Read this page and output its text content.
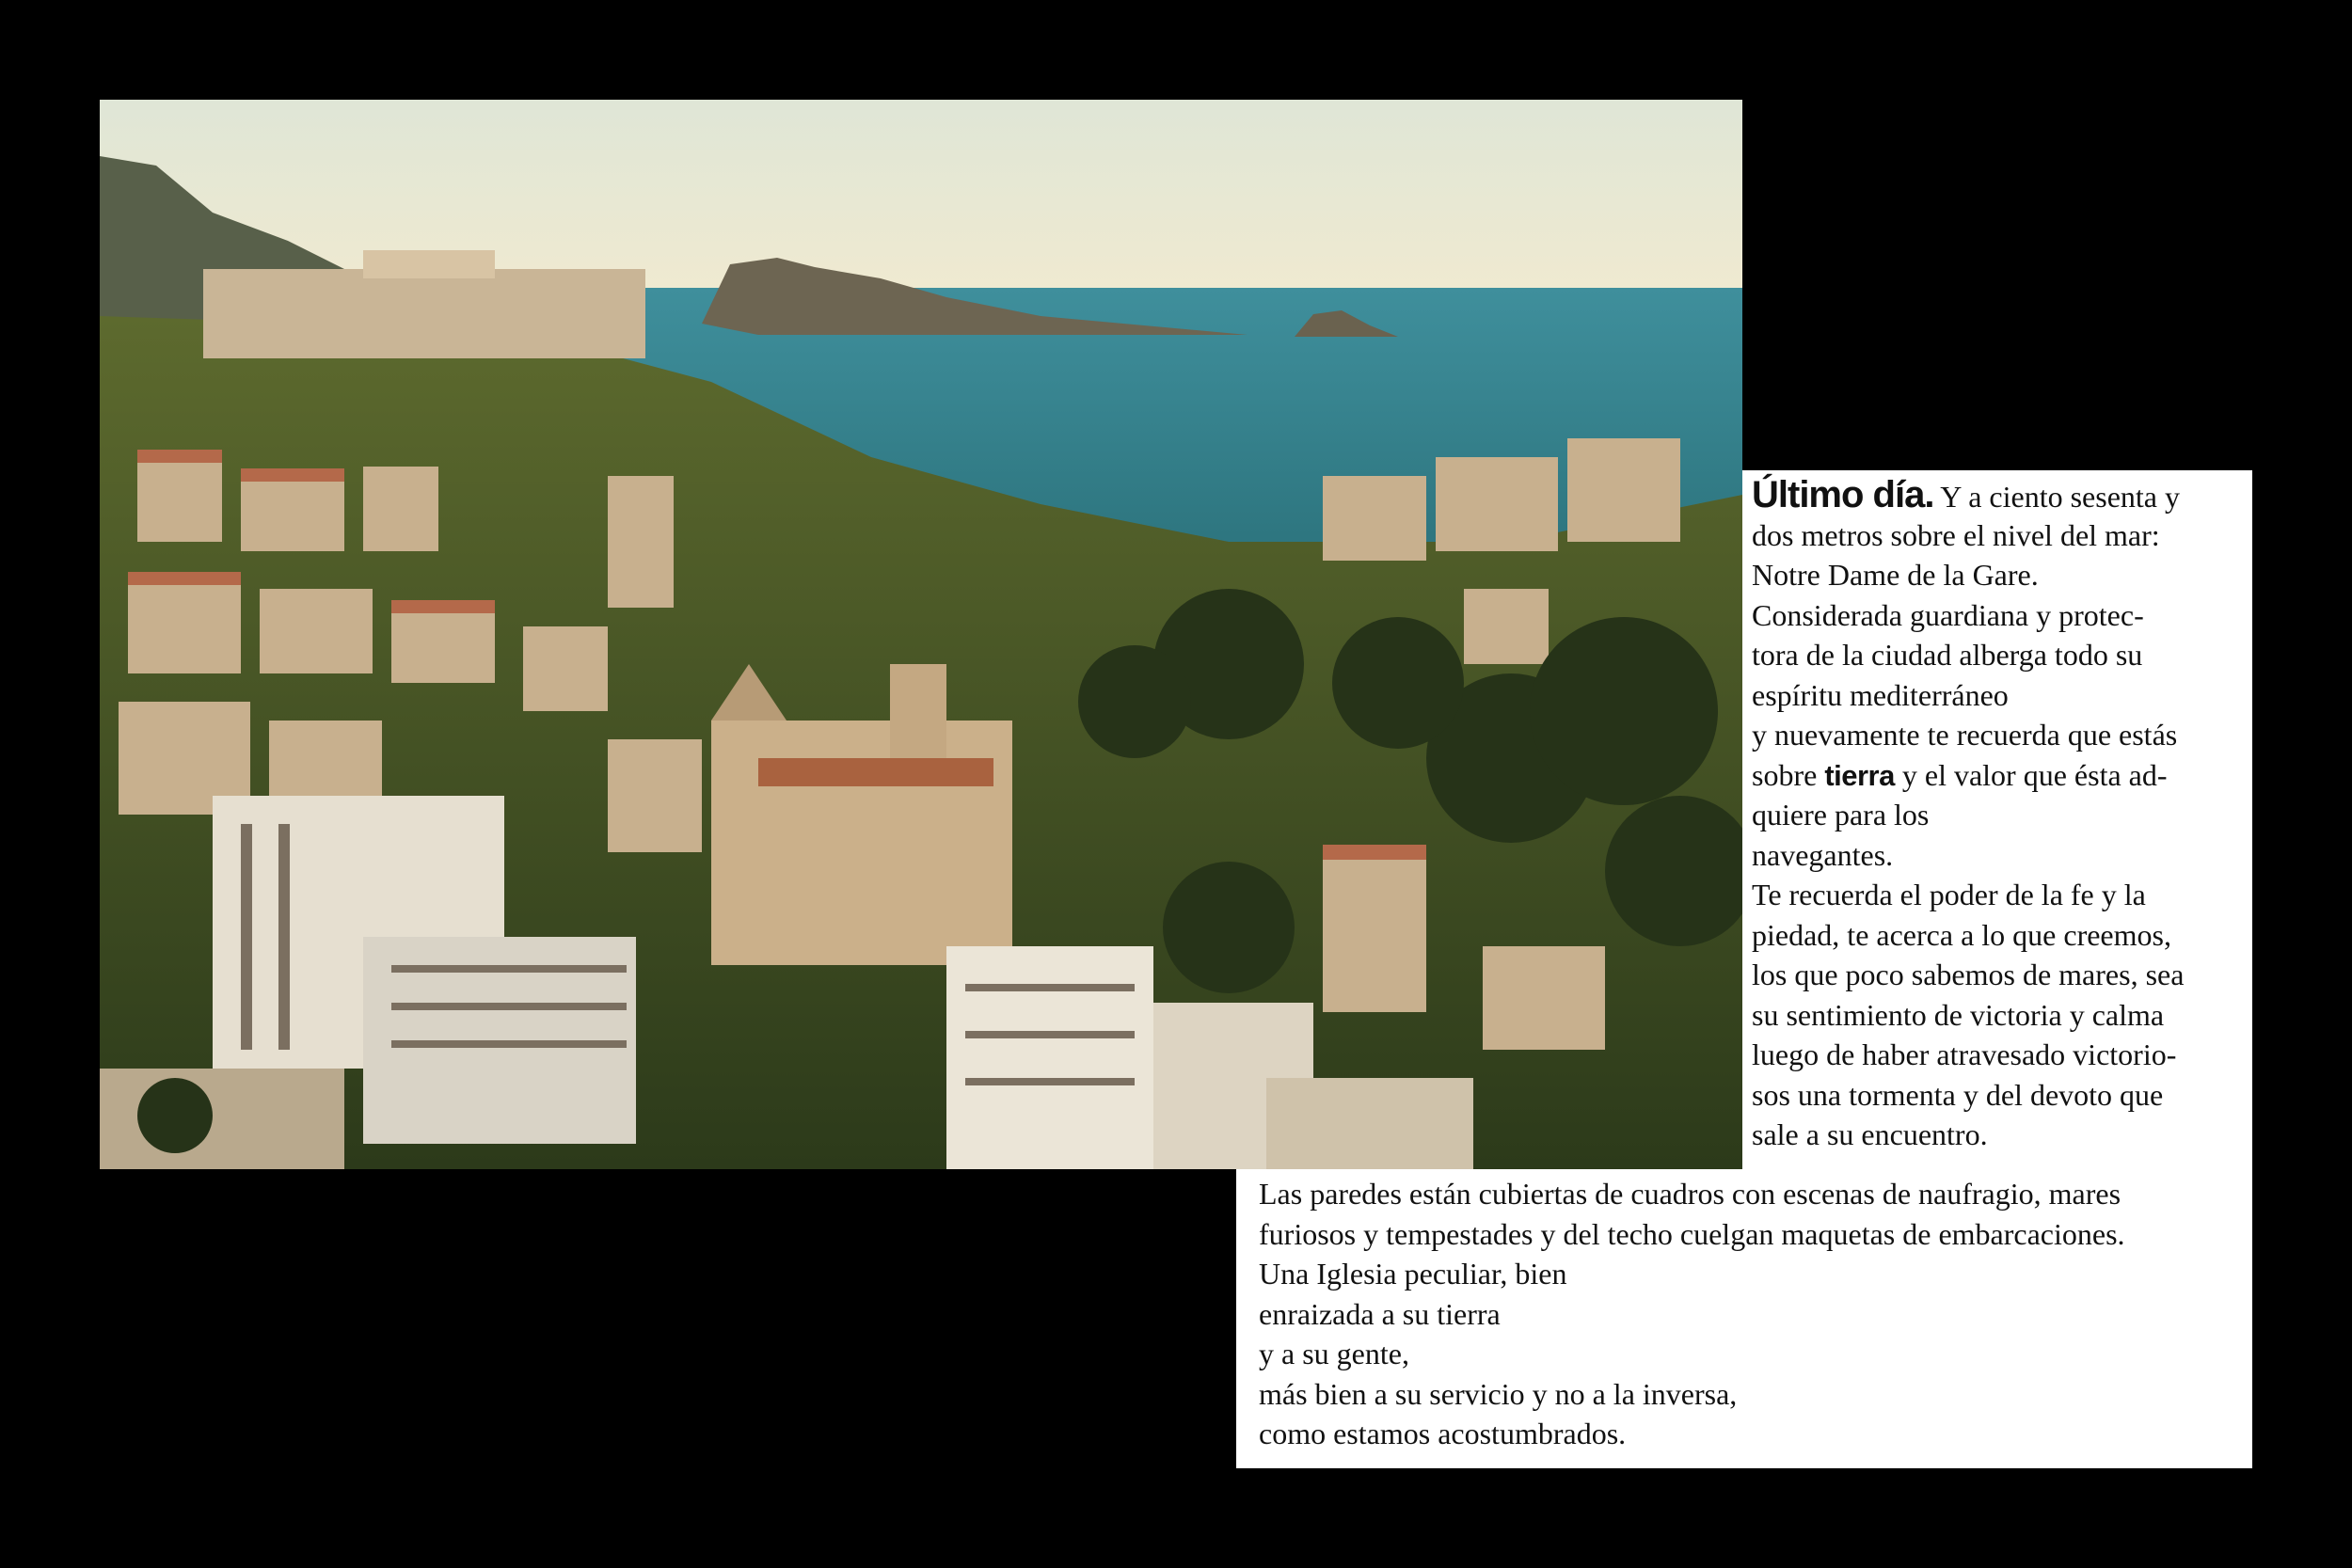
Último día. Y a ciento sesenta y
dos metros sobre el nivel del mar:
Notre Dame de la Gare.
Considerada guardiana y protec-
tora de la ciudad alberga todo su
espíritu mediterráneo
y nuevamente te recuerda que estás
sobre tierra y el valor que ésta ad-
quiere para los
navegantes.
Te recuerda el poder de la fe y la
piedad, te acerca a lo que creemos,
los que poco sabemos de mares, sea
su sentimiento de victoria y calma
luego de haber atravesado victorio-
sos una tormenta y del devoto que
sale a su encuentro.
Las paredes están cubiertas de cuadros con escenas de naufragio, mares
furiosos y tempestades y del techo cuelgan maquetas de embarcaciones.
Una Iglesia peculiar, bien
enraizada a su tierra
y a su gente,
más bien a su servicio y no a la inversa,
como estamos acostumbrados.
